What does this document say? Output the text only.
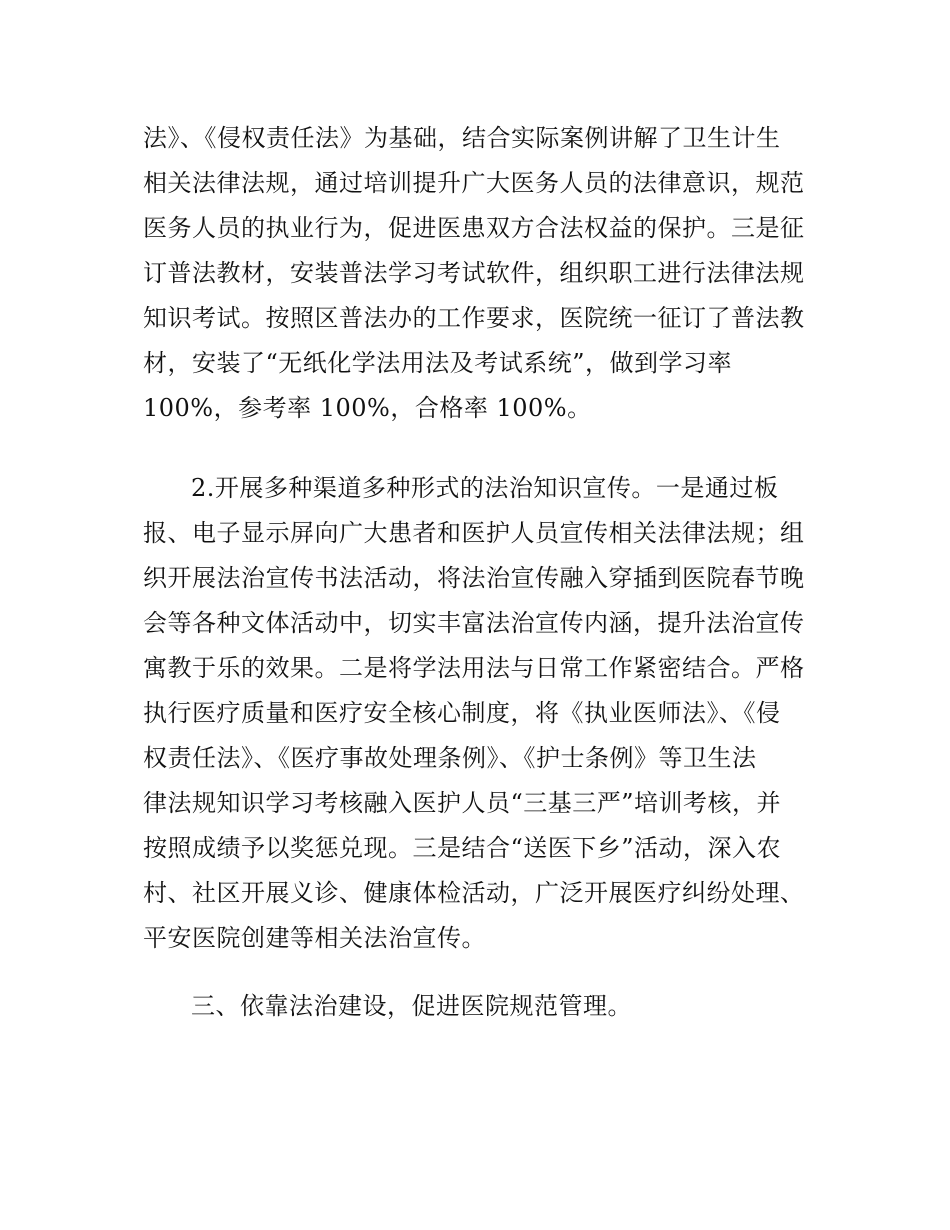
法》、《侵权责任法》为基础，结合实际案例讲解了卫生计生
相关法律法规，通过培训提升广大医务人员的法律意识，规范
医务人员的执业行为，促进医患双方合法权益的保护。三是征
订普法教材，安装普法学习考试软件，组织职工进行法律法规
知识考试。按照区普法办的工作要求，医院统一征订了普法教
材，安装了“无纸化学法用法及考试系统”，做到学习率
100%，参考率 100%，合格率 100%。
2.开展多种渠道多种形式的法治知识宣传。一是通过板
报、电子显示屏向广大患者和医护人员宣传相关法律法规；组
织开展法治宣传书法活动，将法治宣传融入穿插到医院春节晚
会等各种文体活动中，切实丰富法治宣传内涵，提升法治宣传
寓教于乐的效果。二是将学法用法与日常工作紧密结合。严格
执行医疗质量和医疗安全核心制度，将《执业医师法》、《侵
权责任法》、《医疗事故处理条例》、《护士条例》等卫生法
律法规知识学习考核融入医护人员“三基三严”培训考核，并
按照成绩予以奖惩兑现。三是结合“送医下乡”活动，深入农
村、社区开展义诊、健康体检活动，广泛开展医疗纠纷处理、
平安医院创建等相关法治宣传。
三、依靠法治建设，促进医院规范管理。
